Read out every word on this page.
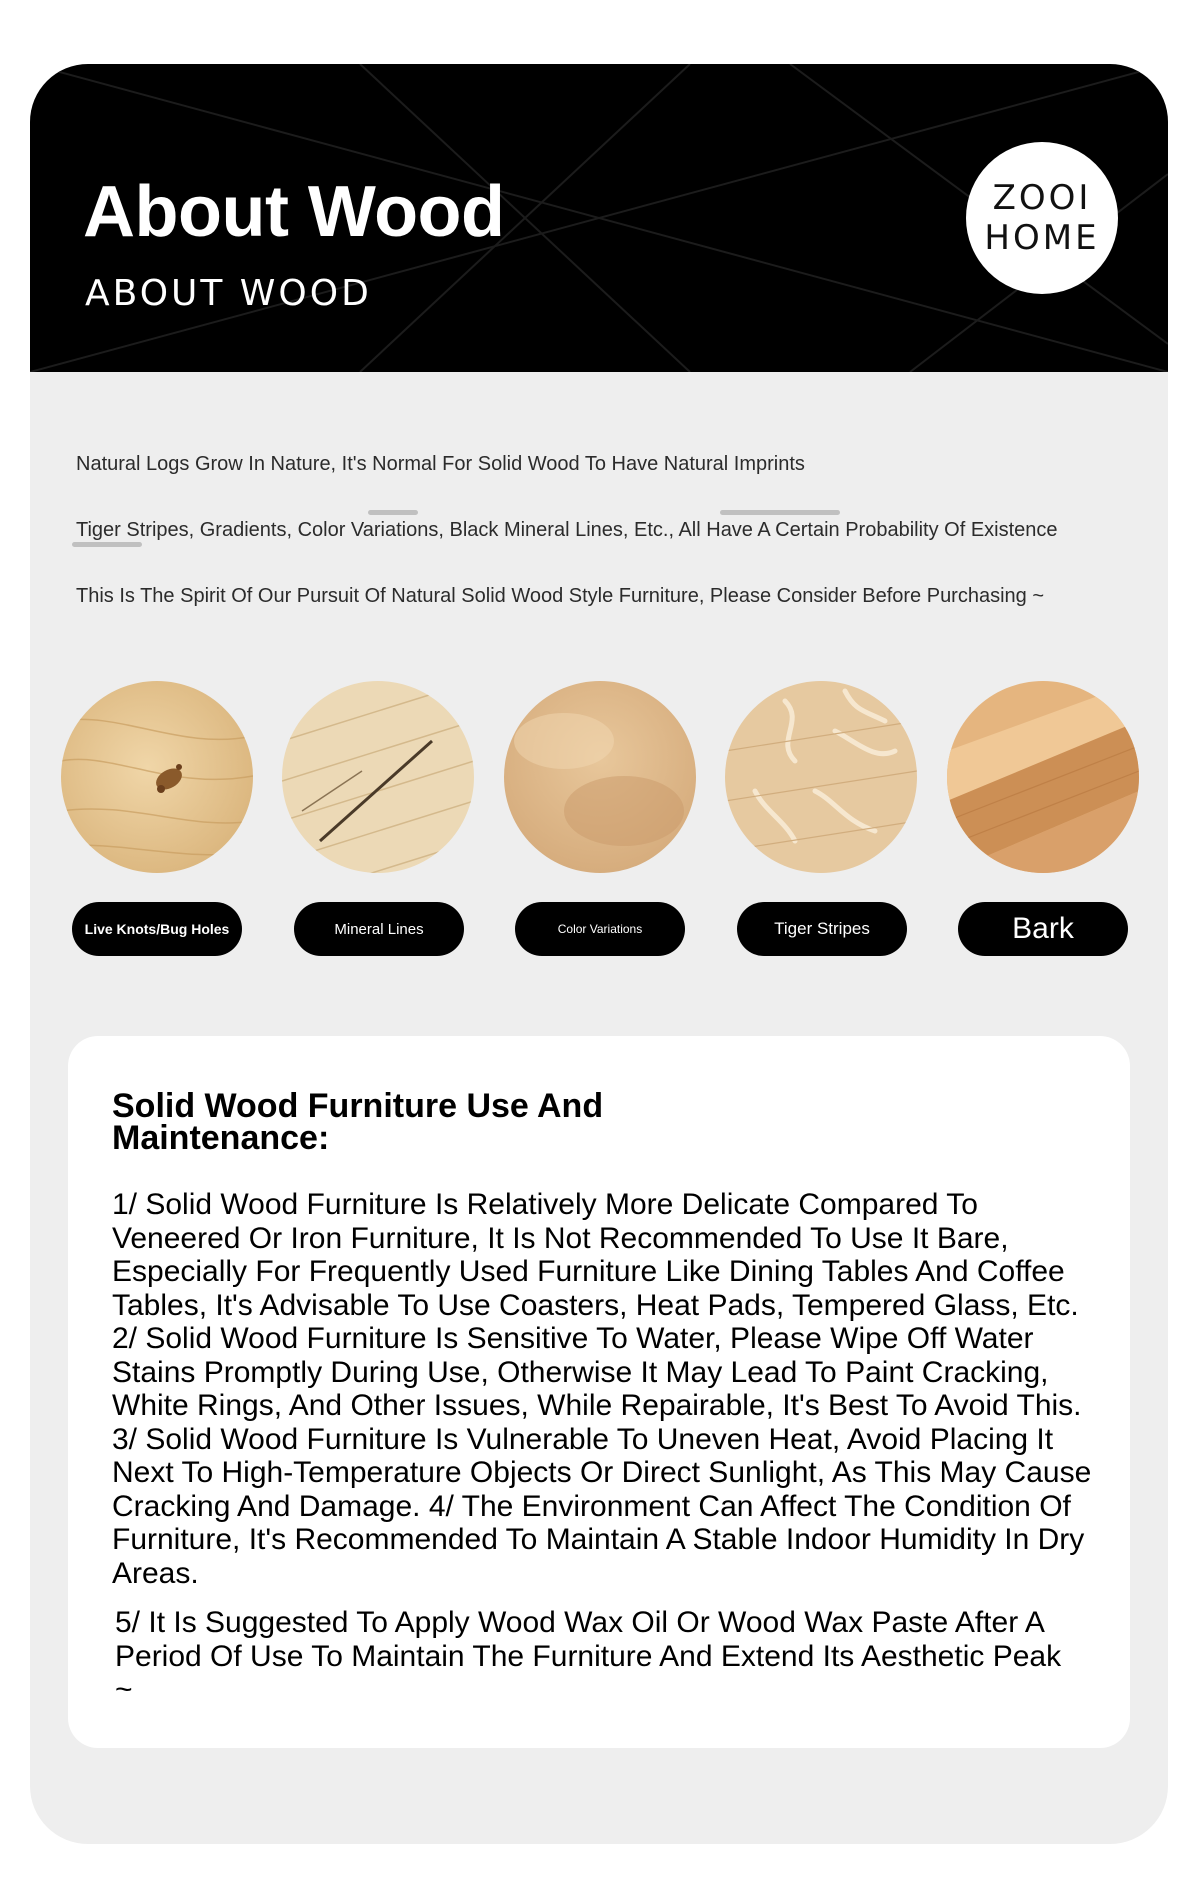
About Wood
ABOUT WOOD
ZOOI
HOME
Natural Logs Grow In Nature, It's Normal For Solid Wood To Have Natural Imprints
Tiger Stripes, Gradients, Color Variations, Black Mineral Lines, Etc., All Have A Certain Probability Of Existence
This Is The Spirit Of Our Pursuit Of Natural Solid Wood Style Furniture, Please Consider Before Purchasing ~
Live Knots/Bug Holes	Mineral Lines	Color Variations	Tiger Stripes	Bark
Solid Wood Furniture Use And Maintenance:

1/ Solid Wood Furniture Is Relatively More Delicate Compared To Veneered Or Iron Furniture, It Is Not Recommended To Use It Bare, Especially For Frequently Used Furniture Like Dining Tables And Coffee Tables, It's Advisable To Use Coasters, Heat Pads, Tempered Glass, Etc. 2/ Solid Wood Furniture Is Sensitive To Water, Please Wipe Off Water Stains Promptly During Use, Otherwise It May Lead To Paint Cracking, White Rings, And Other Issues, While Repairable, It's Best To Avoid This. 3/ Solid Wood Furniture Is Vulnerable To Uneven Heat, Avoid Placing It Next To High-Temperature Objects Or Direct Sunlight, As This May Cause Cracking And Damage. 4/ The Environment Can Affect The Condition Of Furniture, It's Recommended To Maintain A Stable Indoor Humidity In Dry Areas.

5/ It Is Suggested To Apply Wood Wax Oil Or Wood Wax Paste After A Period Of Use To Maintain The Furniture And Extend Its Aesthetic Peak ~
